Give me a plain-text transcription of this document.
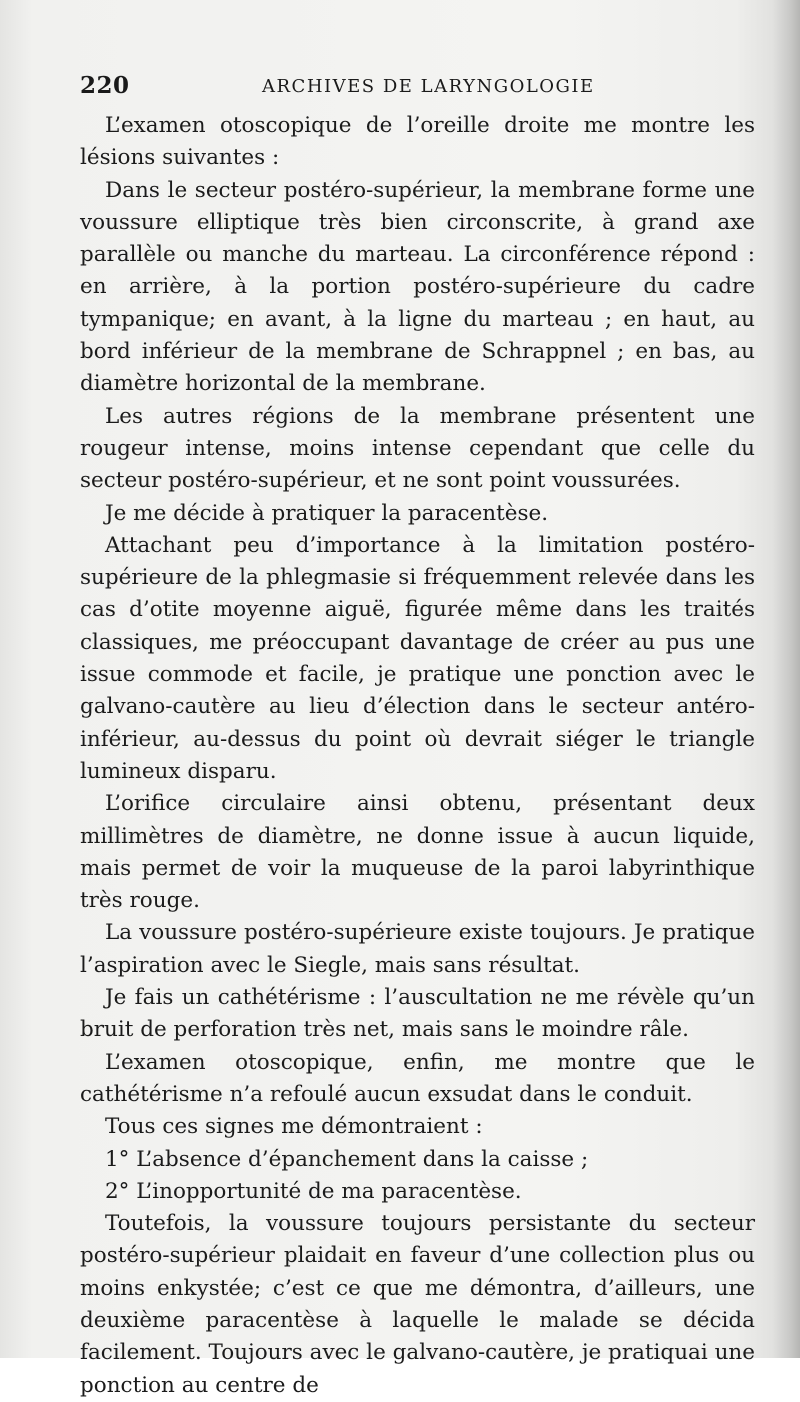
220	ARCHIVES DE LARYNGOLOGIE

L’examen otoscopique de l’oreille droite me montre les lésions suivantes :

Dans le secteur postéro-supérieur, la membrane forme une voussure elliptique très bien circonscrite, à grand axe parallèle ou manche du marteau. La circonférence répond : en arrière, à la portion postéro-supérieure du cadre tympanique; en avant, à la ligne du marteau ; en haut, au bord inférieur de la membrane de Schrappnel ; en bas, au diamètre horizontal de la membrane.

Les autres régions de la membrane présentent une rougeur intense, moins intense cependant que celle du secteur postéro-supérieur, et ne sont point voussurées.

Je me décide à pratiquer la paracentèse.

Attachant peu d’importance à la limitation postéro-supérieure de la phlegmasie si fréquemment relevée dans les cas d’otite moyenne aiguë, figurée même dans les traités classiques, me préoccupant davantage de créer au pus une issue commode et facile, je pratique une ponction avec le galvano-cautère au lieu d’élection dans le secteur antéro-inférieur, au-dessus du point où devrait siéger le triangle lumineux disparu.

L’orifice circulaire ainsi obtenu, présentant deux millimètres de diamètre, ne donne issue à aucun liquide, mais permet de voir la muqueuse de la paroi labyrinthique très rouge.

La voussure postéro-supérieure existe toujours. Je pratique l’aspiration avec le Siegle, mais sans résultat.

Je fais un cathétérisme : l’auscultation ne me révèle qu’un bruit de perforation très net, mais sans le moindre râle.

L’examen otoscopique, enfin, me montre que le cathétérisme n’a refoulé aucun exsudat dans le conduit.

Tous ces signes me démontraient :

1° L’absence d’épanchement dans la caisse ;

2° L’inopportunité de ma paracentèse.

Toutefois, la voussure toujours persistante du secteur postéro-supérieur plaidait en faveur d’une collection plus ou moins enkystée; c’est ce que me démontra, d’ailleurs, une deuxième paracentèse à laquelle le malade se décida facilement. Toujours avec le galvano-cautère, je pratiquai une ponction au centre de
